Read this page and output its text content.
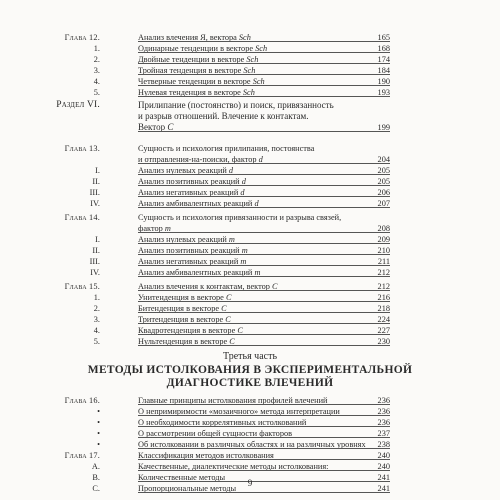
Глава 12.	Анализ влечения Я, вектора Sch	165
1.	Одинарные тенденции в векторе Sch	168
2.	Двойные тенденции в векторе Sch	174
3.	Тройная тенденция в векторе Sch	184
4.	Четверные тенденции в векторе Sch	190
5.	Нулевая тенденция в векторе Sch	193
Раздел VI.	Прилипание (постоянство) и поиск, привязанность
и разрыв отношений. Влечение к контактам.
Вектор C	199
Глава 13.	Сущность и психология прилипания, постоянства
и отправления-на-поиски, фактор d	204
I.	Анализ нулевых реакций d	205
II.	Анализ позитивных реакций d	205
III.	Анализ негативных реакций d	206
IV.	Анализ амбивалентных реакций d	207
Глава 14.	Сущность и психология привязанности и разрыва связей,
фактор m	208
I.	Анализ нулевых реакций m	209
II.	Анализ позитивных реакций m	210
III.	Анализ негативных реакций m	211
IV.	Анализ амбивалентных реакций m	212
Глава 15.	Анализ влечения к контактам, вектор C	212
1.	Унитенденция в векторе C	216
2.	Битенденция в векторе C	218
3.	Тритенденция в векторе C	224
4.	Квадротенденция в векторе C	227
5.	Нультенденция в векторе C	230
Третья часть
МЕТОДЫ ИСТОЛКОВАНИЯ В ЭКСПЕРИМЕНТАЛЬНОЙ
ДИАГНОСТИКЕ ВЛЕЧЕНИЙ
Глава 16.	Главные принципы истолкования профилей влечений	236
•	О непримиримости «мозаичного» метода интерпретации	236
•	О необходимости коррелятивных истолкований	236
•	О рассмотрении общей сущности факторов	237
•	Об истолковании в различных областях и на различных уровнях	238
Глава 17.	Классификация методов истолкования	240
A.	Качественные, диалектические методы истолкования:	240
B.	Количественные методы	241
C.	Пропорциональные методы	241
9
